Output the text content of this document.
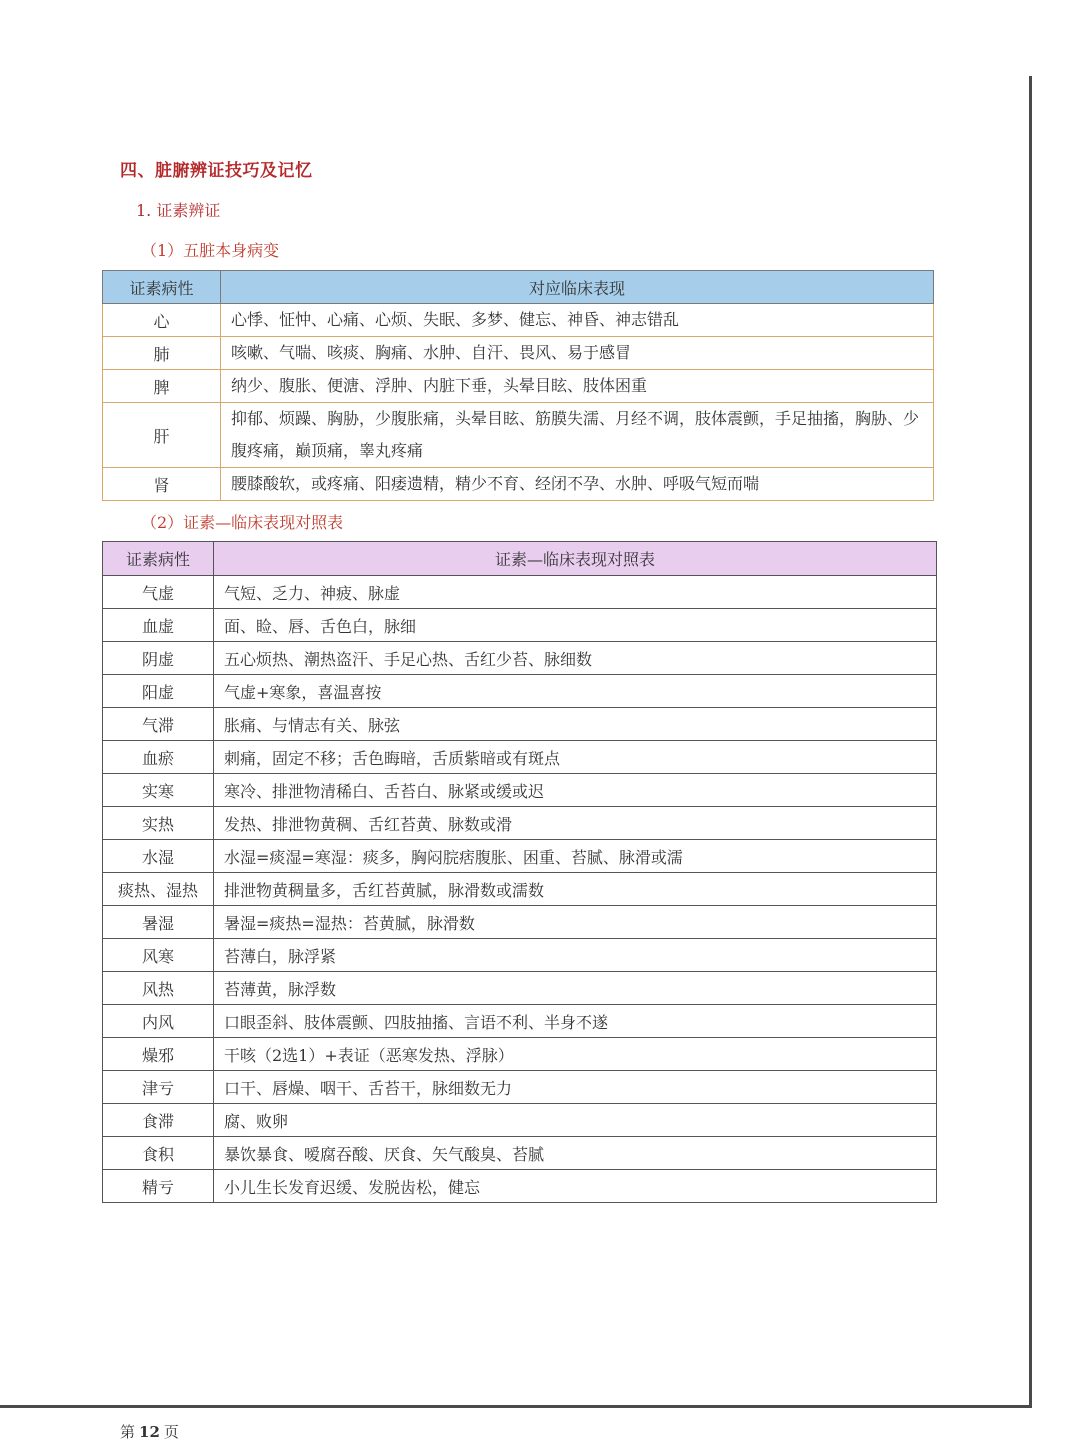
四、脏腑辨证技巧及记忆
1. 证素辨证
（1）五脏本身病变
证素病性	对应临床表现
心	心悸、怔忡、心痛、心烦、失眠、多梦、健忘、神昏、神志错乱
肺	咳嗽、气喘、咳痰、胸痛、水肿、自汗、畏风、易于感冒
脾	纳少、腹胀、便溏、浮肿、内脏下垂，头晕目眩、肢体困重
肝	抑郁、烦躁、胸胁，少腹胀痛，头晕目眩、筋膜失濡、月经不调，肢体震颤，手足抽搐，胸胁、少腹疼痛，巅顶痛，睾丸疼痛
肾	腰膝酸软，或疼痛、阳痿遗精，精少不育、经闭不孕、水肿、呼吸气短而喘
（2）证素—临床表现对照表
证素病性	证素—临床表现对照表
气虚	气短、乏力、神疲、脉虚
血虚	面、睑、唇、舌色白，脉细
阴虚	五心烦热、潮热盗汗、手足心热、舌红少苔、脉细数
阳虚	气虚+寒象，喜温喜按
气滞	胀痛、与情志有关、脉弦
血瘀	刺痛，固定不移；舌色晦暗，舌质紫暗或有斑点
实寒	寒冷、排泄物清稀白、舌苔白、脉紧或缓或迟
实热	发热、排泄物黄稠、舌红苔黄、脉数或滑
水湿	水湿=痰湿=寒湿：痰多，胸闷脘痞腹胀、困重、苔腻、脉滑或濡
痰热、湿热	排泄物黄稠量多，舌红苔黄腻，脉滑数或濡数
暑湿	暑湿=痰热=湿热：苔黄腻，脉滑数
风寒	苔薄白，脉浮紧
风热	苔薄黄，脉浮数
内风	口眼歪斜、肢体震颤、四肢抽搐、言语不利、半身不遂
燥邪	干咳（2选1）+表证（恶寒发热、浮脉）
津亏	口干、唇燥、咽干、舌苔干，脉细数无力
食滞	腐、败卵
食积	暴饮暴食、嗳腐吞酸、厌食、矢气酸臭、苔腻
精亏	小儿生长发育迟缓、发脱齿松，健忘
第 12 页
